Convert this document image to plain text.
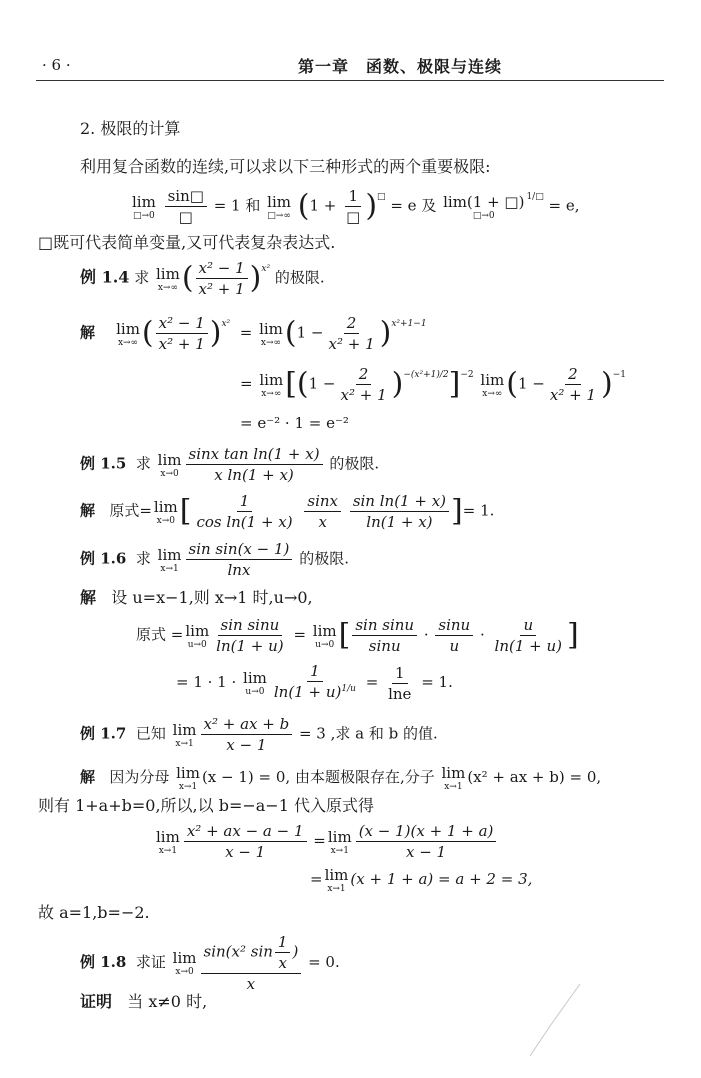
· 6 ·	第一章　函数、极限与连续
2. 极限的计算
利用复合函数的连续,可以求以下三种形式的两个重要极限:
lim
□→0
$\frac{\sin□}{□} = 1$ 和 lim
□→∞ $(1 + \frac{1}{□} )^□ = e$ 及 lim(1 + □)
□→0
$^{1/□}$ = e,
□既可代表简单变量,又可代表复杂表达式.
例 1.4 求 lim
x→∞ ( $\frac{\text{x² − 1}}{\text{x² + 1}} )^{x^2}$ 的极限.
解 lim
x→∞ ( $\frac{\text{x² − 1}}{\text{x² + 1}} )^{x^2} = \lim$
x→∞ $(1 - \frac{2}{\text{x² + 1}} )^{x^2+1-1}$
= lim
x→∞ $[(1 - \frac{2}{\text{x² + 1}} )^{-(x^2+1)/2}]^{-2}$ lim
x→∞ $(1 - \frac{2}{\text{x² + 1}} )^{-1}$
= e⁻² · 1 = e⁻²
例 1.5 求 lim
$x\to 0 \frac{\text{sinx tan ln(1 + x)}}{\text{x ln(1 + x)}}$ 的极限.
解 原式= lim
x→0 [ $\frac{1}{\text{cos ln(1 + x)}}$
$\frac{\sin x}{x}$
$\frac{\text{sin ln(1 + x)}}{\ln(1 + x)}$ ]= 1.
例 1.6 求 lim
$x\to 1 \frac{\text{sin sin(x − 1)}}{\ln x}$ 的极限.
解 设 u=x−1,则 x→1 时,u→0,
原式 = lim
$u\to 0 \frac{\text{sin sinu}}{\ln(1 + u)} = \lim$
u→0 [ $\frac{\text{sin sinu}}{\sin u} \cdot \frac{\sin u}{u} \cdot \frac{u}{\ln(1 + u)}$ ]
= 1 · 1 · lim
$u\to 0 \frac{1}{\ln(1 + u)^{1/u}} = \frac{1}{\ln e} = 1$.
例 1.7 已知 lim
$x\to 1 \frac{\text{x² + ax + b}}{x - 1} = 3$ ,求 a 和 b 的值.
解 因为分母 lim
x→1
(x − 1) = 0, 由本题极限存在,分子 lim
x→1
(x² + ax + b) = 0,
则有 1+a+b=0,所以,以 b=−a−1 代入原式得
lim
$x\to 1 \frac{\text{x² + ax − a − 1}}{x - 1} = \lim$
$x\to 1 \frac{(x - 1)(x + 1 + a)}{x - 1}$
= lim
x→1
(x + 1 + a) = a + 2 = 3,
故 a=1,b=−2.
例 1.8 求证 lim
$x\to 0 \frac{\sin(x^2 \sin \frac{1}{x} )}{x} = 0$.
证明 当 x≠0 时,
